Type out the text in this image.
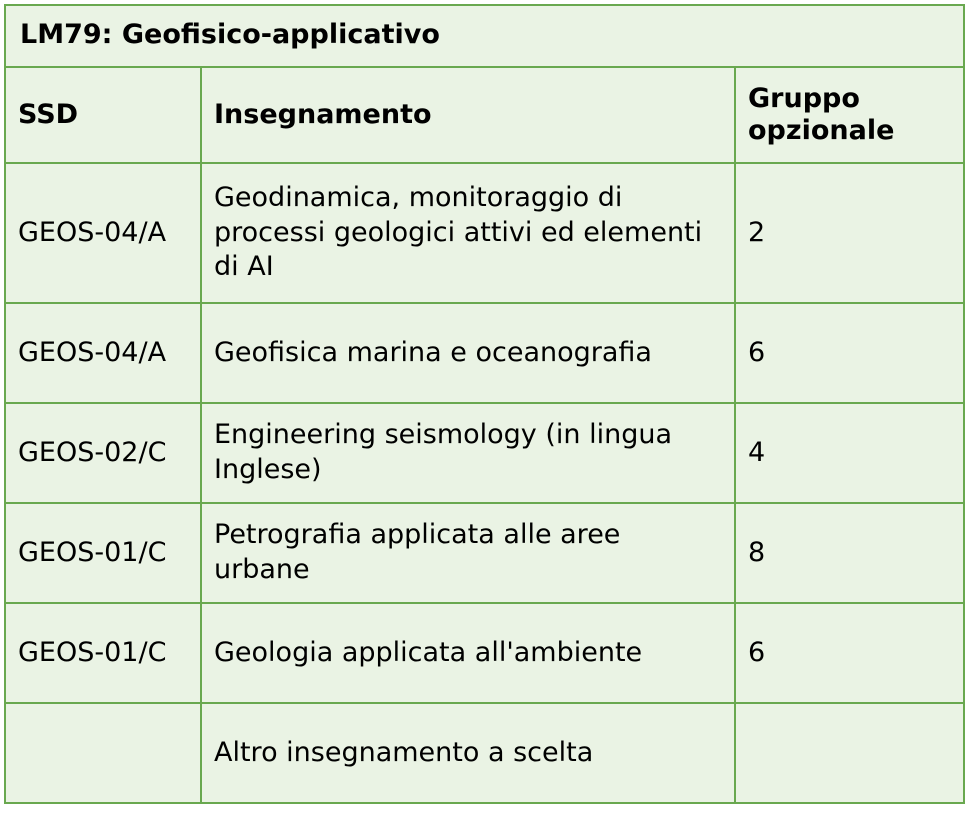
LM79: Geofisico-applicativo		
SSD	Insegnamento	Gruppo opzionale
GEOS-04/A	Geodinamica, monitoraggio di processi geologici attivi ed elementi di AI	2
GEOS-04/A	Geofisica marina e oceanografia	6
GEOS-02/C	Engineering seismology (in lingua Inglese)	4
GEOS-01/C	Petrografia applicata alle aree urbane	8
GEOS-01/C	Geologia applicata all'ambiente	6
	Altro insegnamento a scelta	
